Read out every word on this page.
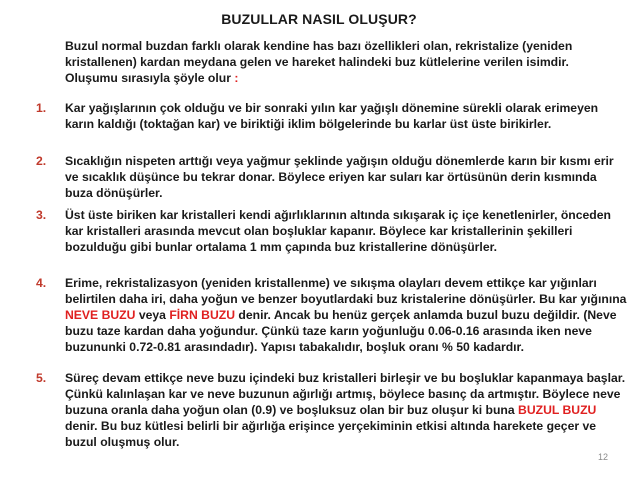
BUZULLAR NASIL OLUŞUR?
Buzul normal buzdan farklı olarak kendine has bazı özellikleri olan, rekristalize (yeniden kristallenen) kardan meydana gelen ve hareket halindeki buz kütlelerine verilen isimdir. Oluşumu sırasıyla şöyle olur :
1. Kar yağışlarının çok olduğu ve bir sonraki yılın kar yağışlı dönemine sürekli olarak erimeyen karın kaldığı (toktağan kar) ve biriktiği iklim bölgelerinde bu karlar üst üste birikirler.
2. Sıcaklığın nispeten arttığı veya yağmur şeklinde yağışın olduğu dönemlerde karın bir kısmı erir ve sıcaklık düşünce bu tekrar donar. Böylece eriyen kar suları kar örtüsünün derin kısmında buza dönüşürler.
3. Üst üste biriken kar kristalleri kendi ağırlıklarının altında sıkışarak iç içe kenetlenirler, önceden kar kristalleri arasında mevcut olan boşluklar kapanır. Böylece kar kristallerinin şekilleri bozulduğu gibi bunlar ortalama 1 mm çapında buz kristallerine dönüşürler.
4. Erime, rekristalizasyon (yeniden kristallenme) ve sıkışma olayları devem ettikçe kar yığınları belirtilen daha iri, daha yoğun ve benzer boyutlardaki buz kristalerine dönüşürler. Bu kar yığınına NEVE BUZU veya FİRN BUZU denir. Ancak bu henüz gerçek anlamda buzul buzu değildir. (Neve buzu taze kardan daha yoğundur. Çünkü taze karın yoğunluğu 0.06-0.16 arasında iken neve buzununki 0.72-0.81 arasındadır). Yapısı tabakalıdır, boşluk oranı % 50 kadardır.
5. Süreç devam ettikçe neve buzu içindeki buz kristalleri birleşir ve bu boşluklar kapanmaya başlar. Çünkü kalınlaşan kar ve neve buzunun ağırlığı artmış, böylece basınç da artmıştır. Böylece neve buzuna oranla daha yoğun olan (0.9) ve boşluksuz olan bir buz oluşur ki buna BUZUL BUZU denir. Bu buz kütlesi belirli bir ağırlığa erişince yerçekiminin etkisi altında harekete geçer ve buzul oluşmuş olur.
12
